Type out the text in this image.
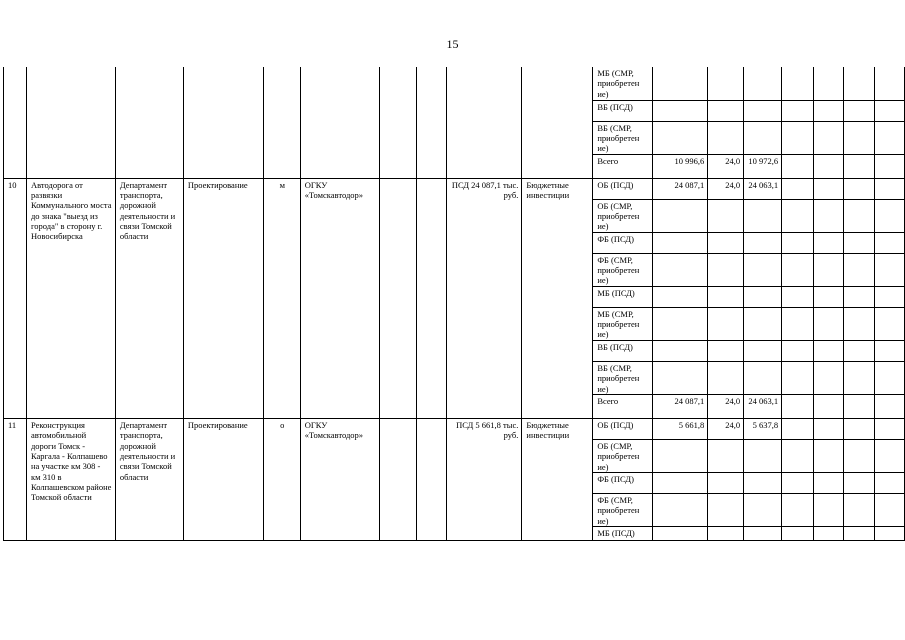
15
										МБ (СМР, приобретен ие)							
										ВБ (ПСД)							
										ВБ (СМР, приобретен ие)							
										Всего	10 996,6	24,0	10 972,6				
10	Автодорога от развязки Коммунального моста до знака "выезд из города" в сторону г. Новосибирска	Департамент транспорта, дорожной деятельности и связи Томской области	Проектирование	м	ОГКУ «Томскавтодор»			ПСД 24 087,1 тыс. руб.	Бюджетные инвестиции	ОБ (ПСД)	24 087,1	24,0	24 063,1				
										ОБ (СМР, приобретен ие)							
										ФБ (ПСД)							
										ФБ (СМР, приобретен ие)							
										МБ (ПСД)							
										МБ (СМР, приобретен ие)							
										ВБ (ПСД)							
										ВБ (СМР, приобретен ие)							
										Всего	24 087,1	24,0	24 063,1				
11	Реконструкция автомобильной дороги Томск - Каргала - Колпашево на участке км 308 - км 310 в Колпашевском районе Томской области	Департамент транспорта, дорожной деятельности и связи Томской области	Проектирование	о	ОГКУ «Томскавтодор»			ПСД 5 661,8 тыс. руб.	Бюджетные инвестиции	ОБ (ПСД)	5 661,8	24,0	5 637,8				
										ОБ (СМР, приобретен ие)							
										ФБ (ПСД)							
										ФБ (СМР, приобретен ие)							
										МБ (ПСД)							
